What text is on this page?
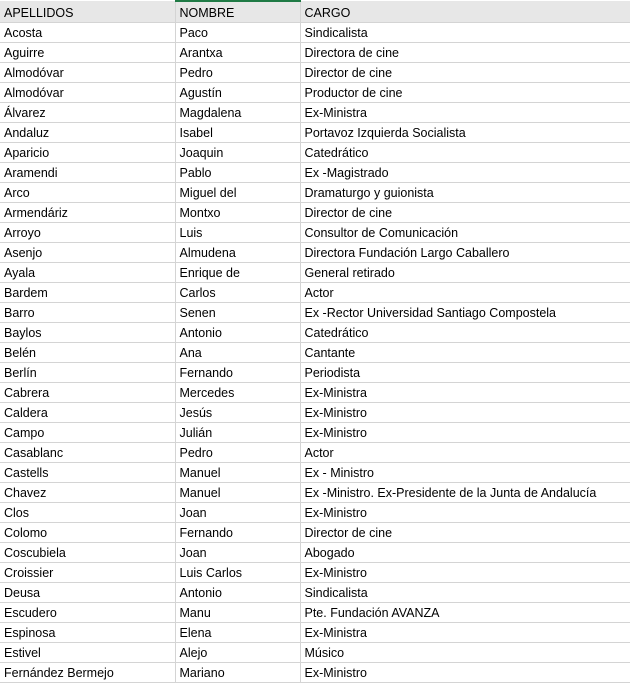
APELLIDOS	NOMBRE	CARGO
Acosta	Paco	Sindicalista
Aguirre	Arantxa	Directora de cine
Almodóvar	Pedro	Director de cine
Almodóvar	Agustín	Productor de cine
Álvarez	Magdalena	Ex-Ministra
Andaluz	Isabel	Portavoz Izquierda Socialista
Aparicio	Joaquin	Catedrático
Aramendi	Pablo	Ex -Magistrado
Arco	Miguel del	Dramaturgo y guionista
Armendáriz	Montxo	Director de cine
Arroyo	Luis	Consultor de Comunicación
Asenjo	Almudena	Directora Fundación Largo Caballero
Ayala	Enrique de	General retirado
Bardem	Carlos	Actor
Barro	Senen	Ex -Rector Universidad Santiago Compostela
Baylos	Antonio	Catedrático
Belén	Ana	Cantante
Berlín	Fernando	Periodista
Cabrera	Mercedes	Ex-Ministra
Caldera	Jesús	Ex-Ministro
Campo	Julián	Ex-Ministro
Casablanc	Pedro	Actor
Castells	Manuel	Ex - Ministro
Chavez	Manuel	Ex -Ministro. Ex-Presidente de la Junta de Andalucía
Clos	Joan	Ex-Ministro
Colomo	Fernando	Director de cine
Coscubiela	Joan	Abogado
Croissier	Luis Carlos	Ex-Ministro
Deusa	Antonio	Sindicalista
Escudero	Manu	Pte. Fundación AVANZA
Espinosa	Elena	Ex-Ministra
Estivel	Alejo	Músico
Fernández Bermejo	Mariano	Ex-Ministro
